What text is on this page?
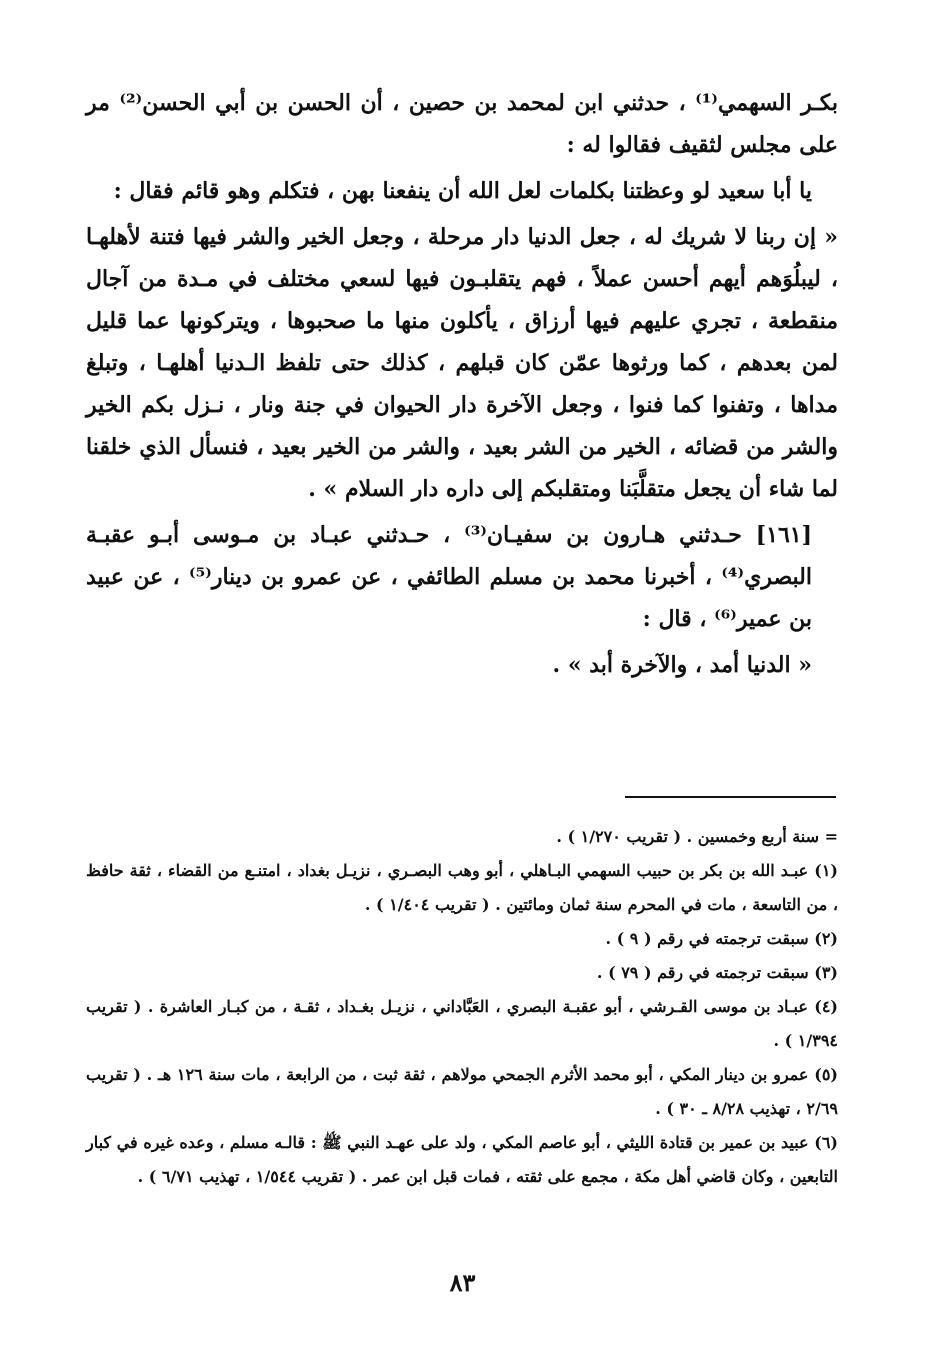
بكـر السهمي⁽¹⁾ ، حدثني ابن لمحمد بن حصين ، أن الحسن بن أبي الحسن⁽²⁾ مر على مجلس لثقيف فقالوا له :

يا أبا سعيد لو وعظتنا بكلمات لعل الله أن ينفعنا بهن ، فتكلم وهو قائم فقال :

« إن ربنا لا شريك له ، جعل الدنيا دار مرحلة ، وجعل الخير والشر فيها فتنة لأهلهـا ، ليبلُوَهم أيهم أحسن عملاً ، فهم يتقلبـون فيها لسعي مختلف في مـدة من آجال منقطعة ، تجري عليهم فيها أرزاق ، يأكلون منها ما صحبوها ، ويتركونها عما قليل لمن بعدهم ، كما ورثوها عمّن كان قبلهم ، كذلك حتى تلفظ الـدنيا أهلهـا ، وتبلغ مداها ، وتفنوا كما فنوا ، وجعل الآخرة دار الحيوان في جنة ونار ، نـزل بكم الخير والشر من قضائه ، الخير من الشر بعيد ، والشر من الخير بعيد ، فنسأل الذي خلقنا لما شاء أن يجعل متقلَّبَنا ومتقلبكم إلى داره دار السلام » .

[١٦١] حـدثني هـارون بن سفيـان⁽³⁾ ، حـدثني عبـاد بن مـوسى أبـو عقبـة البصري⁽⁴⁾ ، أخبرنا محمد بن مسلم الطائفي ، عن عمرو بن دينار⁽⁵⁾ ، عن عبيد بن عمير⁽⁶⁾ ، قال :

« الدنيا أمد ، والآخرة أبد » .

= سنة أربع وخمسين . ( تقريب ١/٢٧٠ ) .

(١) عبـد الله بن بكر بن حبيب السهمي البـاهلي ، أبو وهب البصـري ، نزيـل بغداد ، امتنـع من القضاء ، ثقة حافظ ، من التاسعة ، مات في المحرم سنة ثمان ومائتين . ( تقريب ١/٤٠٤ ) .

(٢) سبقت ترجمته في رقم ( ٩ ) .

(٣) سبقت ترجمته في رقم ( ٧٩ ) .

(٤) عبـاد بن موسى القـرشي ، أبو عقبـة البصري ، العَبَّاداني ، نزيـل بغـداد ، ثقـة ، من كبـار العاشرة . ( تقريب ١/٣٩٤ ) .

(٥) عمرو بن دينار المكي ، أبو محمد الأثرم الجمحي مولاهم ، ثقة ثبت ، من الرابعة ، مات سنة ١٢٦ هـ . ( تقريب ٢/٦٩ ، تهذيب ٨/٢٨ ـ ٣٠ ) .

(٦) عبيد بن عمير بن قتادة الليثي ، أبو عاصم المكي ، ولد على عهـد النبي ﷺ : قالـه مسلم ، وعده غيره في كبار التابعين ، وكان قاضي أهل مكة ، مجمع على ثقته ، فمات قبل ابن عمر . ( تقريب ١/٥٤٤ ، تهذيب ٦/٧١ ) .

٨٣
